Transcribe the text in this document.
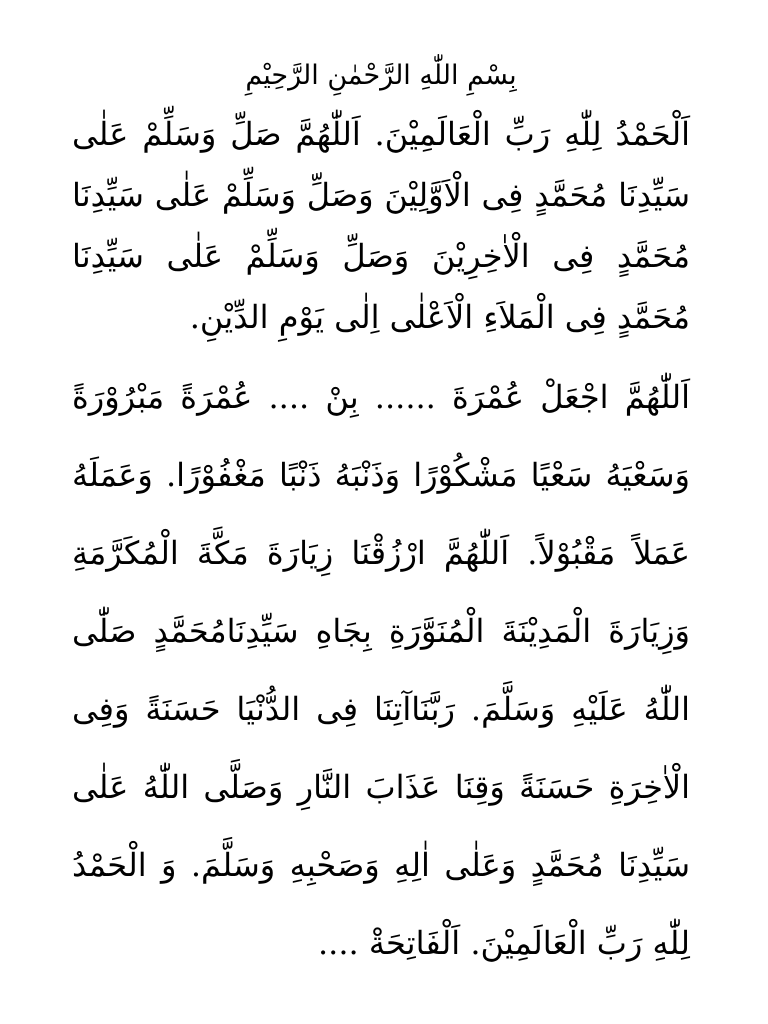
بِسْمِ اللّٰهِ الرَّحْمٰنِ الرَّحِيْمِ

اَلْحَمْدُ لِلّٰهِ رَبِّ الْعَالَمِيْنَ. اَللّٰهُمَّ صَلِّ وَسَلِّمْ عَلٰى سَيِّدِنَا مُحَمَّدٍ فِى الْاَوَّلِيْنَ وَصَلِّ وَسَلِّمْ عَلٰى سَيِّدِنَا مُحَمَّدٍ فِى الْاٰخِرِيْنَ وَصَلِّ وَسَلِّمْ عَلٰى سَيِّدِنَا مُحَمَّدٍ فِى الْمَلاَءِ الْاَعْلٰى اِلٰى يَوْمِ الدِّيْنِ.

اَللّٰهُمَّ اجْعَلْ عُمْرَةَ ...... بِنْ .... عُمْرَةً مَبْرُوْرَةً وَسَعْيَهُ سَعْيًا مَشْكُوْرًا وَذَنْبَهُ ذَنْبًا مَغْفُوْرًا. وَعَمَلَهُ عَمَلاً مَقْبُوْلاً. اَللّٰهُمَّ ارْزُقْنَا زِيَارَةَ مَكَّةَ الْمُكَرَّمَةِ وَزِيَارَةَ الْمَدِيْنَةَ الْمُنَوَّرَةِ بِجَاهِ سَيِّدِنَامُحَمَّدٍ صَلّٰى اللّٰهُ عَلَيْهِ وَسَلَّمَ. رَبَّنَاآتِنَا فِى الدُّنْيَا حَسَنَةً وَفِى الْاٰخِرَةِ حَسَنَةً وَقِنَا عَذَابَ النَّارِ وَصَلَّى اللّٰهُ عَلٰى سَيِّدِنَا مُحَمَّدٍ وَعَلٰى اٰلِهِ وَصَحْبِهِ وَسَلَّمَ. وَ الْحَمْدُ لِلّٰهِ رَبِّ الْعَالَمِيْنَ. اَلْفَاتِحَةْ ....
